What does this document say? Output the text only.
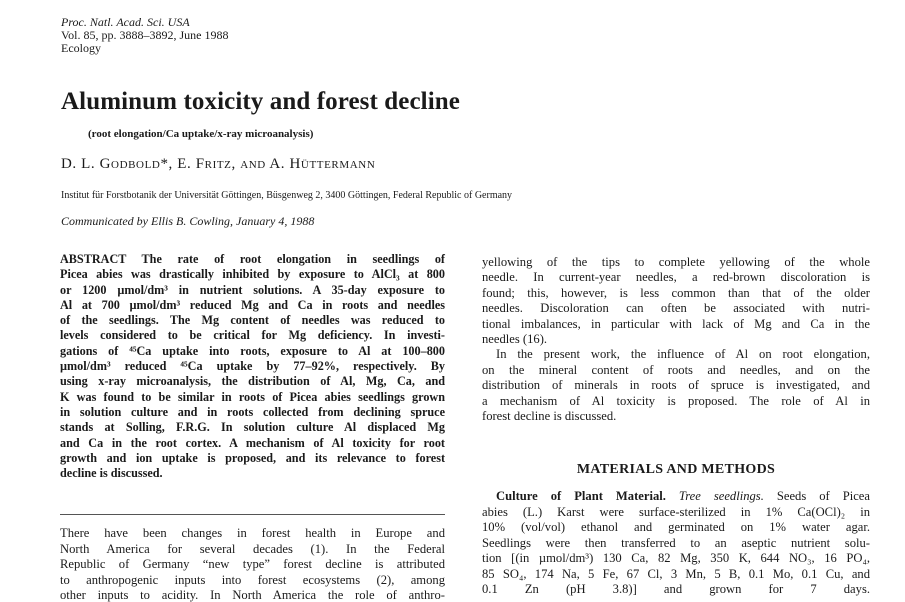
Proc. Natl. Acad. Sci. USA
Vol. 85, pp. 3888–3892, June 1988
Ecology
Aluminum toxicity and forest decline
(root elongation/Ca uptake/x-ray microanalysis)
D. L. Godbold*, E. Fritz, and A. Hüttermann
Institut für Forstbotanik der Universität Göttingen, Büsgenweg 2, 3400 Göttingen, Federal Republic of Germany
Communicated by Ellis B. Cowling, January 4, 1988
ABSTRACT The rate of root elongation in seedlings of
Picea abies was drastically inhibited by exposure to AlCl₃ at 800
or 1200 µmol/dm³ in nutrient solutions. A 35-day exposure to
Al at 700 µmol/dm³ reduced Mg and Ca in roots and needles
of the seedlings. The Mg content of needles was reduced to
levels considered to be critical for Mg deficiency. In investi-
gations of ⁴⁵Ca uptake into roots, exposure to Al at 100–800
µmol/dm³ reduced ⁴⁵Ca uptake by 77–92%, respectively. By
using x-ray microanalysis, the distribution of Al, Mg, Ca, and
K was found to be similar in roots of Picea abies seedlings grown
in solution culture and in roots collected from declining spruce
stands at Solling, F.R.G. In solution culture Al displaced Mg
and Ca in the root cortex. A mechanism of Al toxicity for root
growth and ion uptake is proposed, and its relevance to forest
decline is discussed.
There have been changes in forest health in Europe and
North America for several decades (1). In the Federal
Republic of Germany “new type” forest decline is attributed
to anthropogenic inputs into forest ecosystems (2), among
other inputs to acidity. In North America the role of anthro-
yellowing of the tips to complete yellowing of the whole
needle. In current-year needles, a red-brown discoloration is
found; this, however, is less common than that of the older
needles. Discoloration can often be associated with nutri-
tional imbalances, in particular with lack of Mg and Ca in the
needles (16).
In the present work, the influence of Al on root elongation,
on the mineral content of roots and needles, and on the
distribution of minerals in roots of spruce is investigated, and
a mechanism of Al toxicity is proposed. The role of Al in
forest decline is discussed.
MATERIALS AND METHODS
Culture of Plant Material. Tree seedlings. Seeds of Picea
abies (L.) Karst were surface-sterilized in 1% Ca(OCl)₂ in
10% (vol/vol) ethanol and germinated on 1% water agar.
Seedlings were then transferred to an aseptic nutrient solu-
tion [(in µmol/dm³) 130 Ca, 82 Mg, 350 K, 644 NO₃, 16 PO₄,
85 SO₄, 174 Na, 5 Fe, 67 Cl, 3 Mn, 5 B, 0.1 Mo, 0.1 Cu, and
0.1 Zn (pH 3.8)] and grown for 7 days.
